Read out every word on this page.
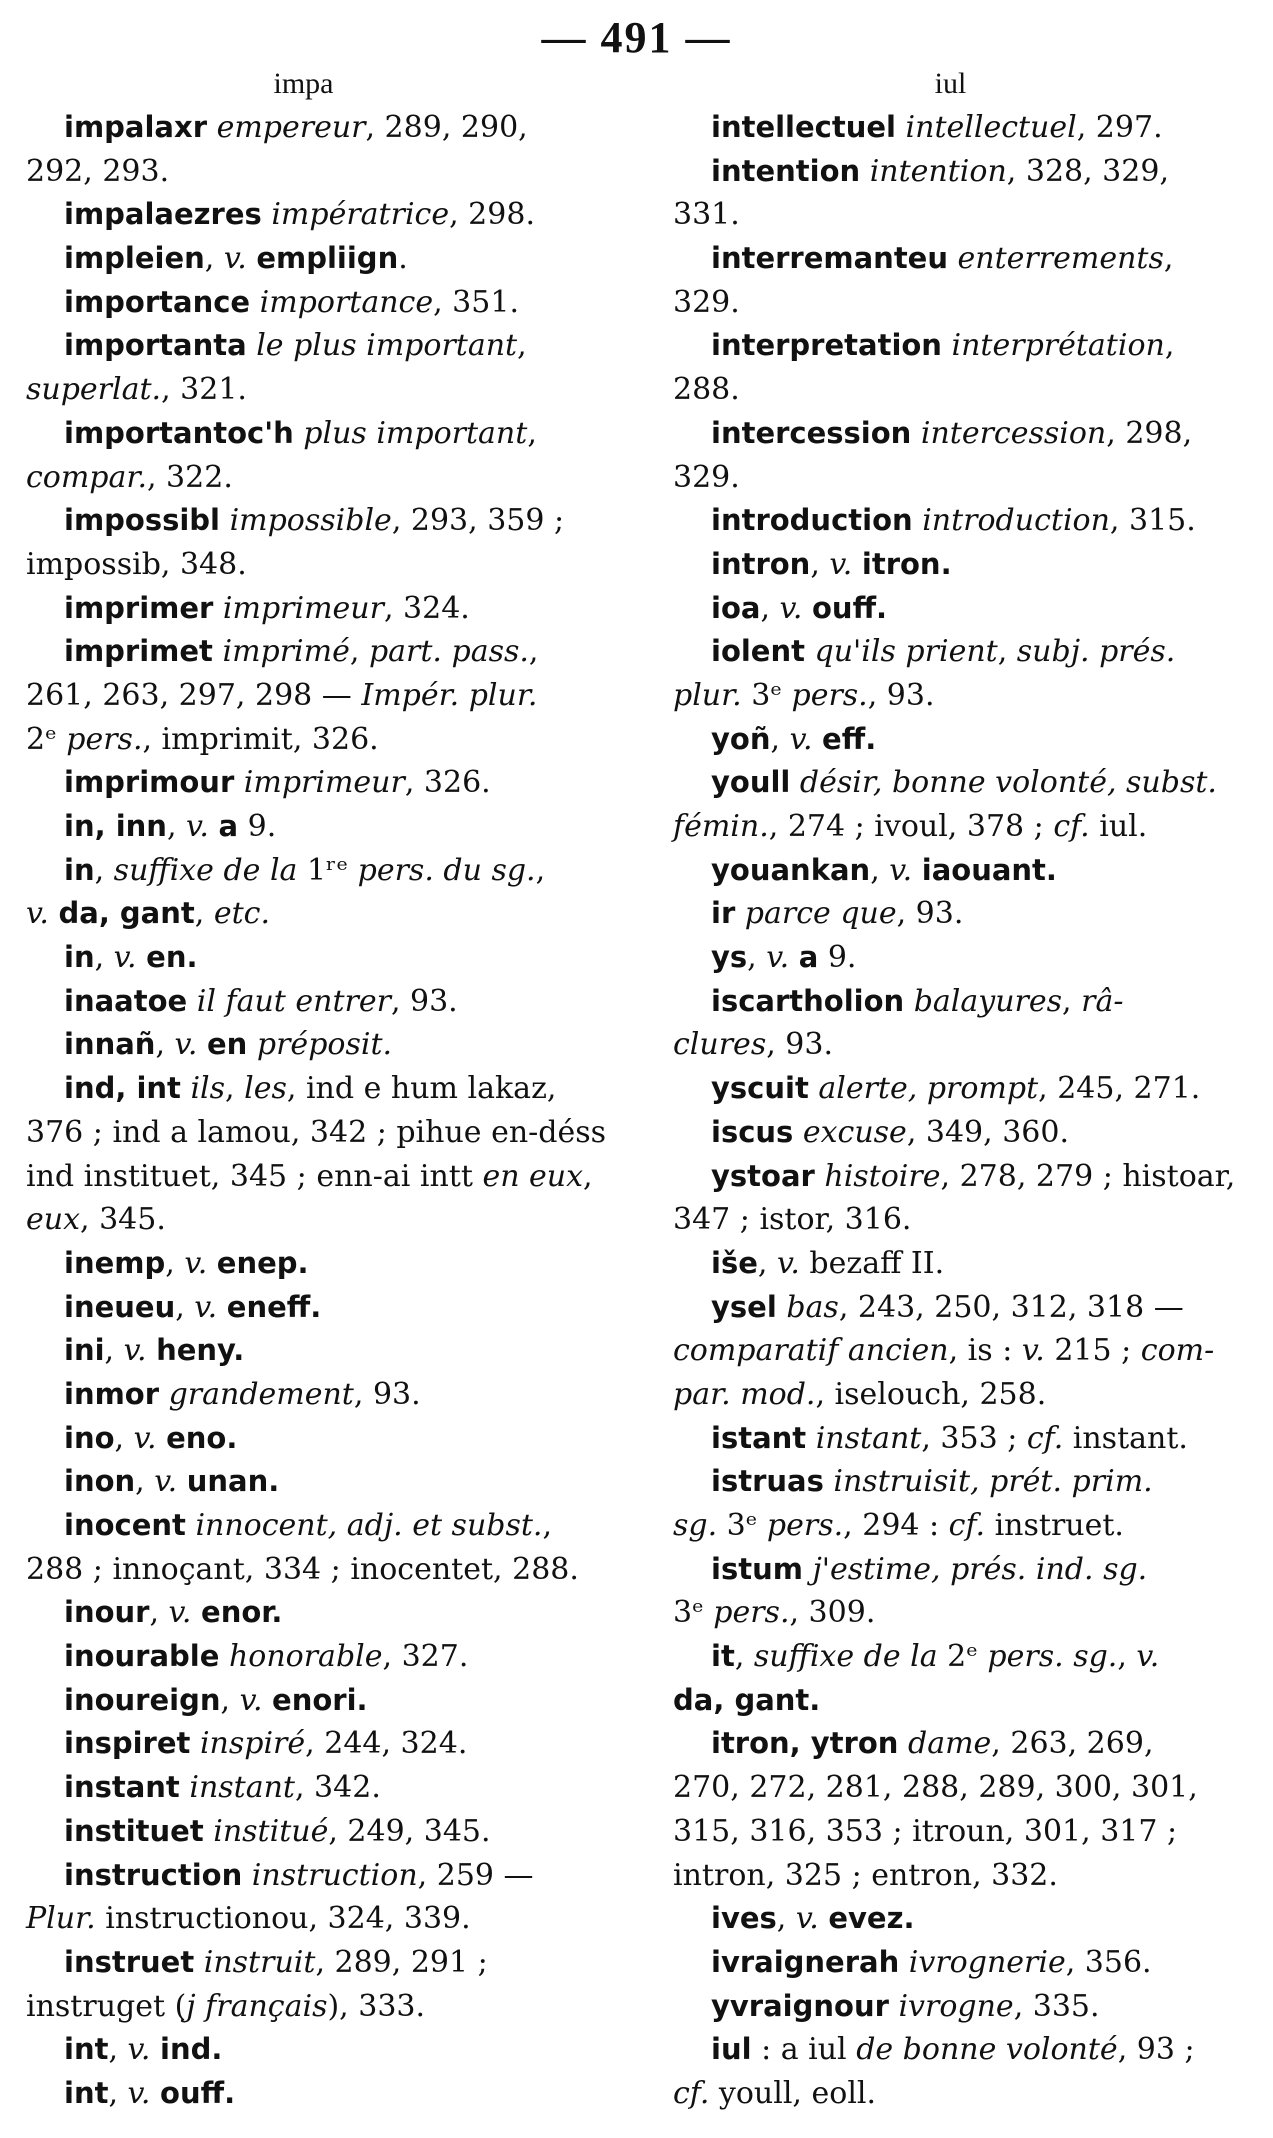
— 491 —
impa
impalaxr empereur, 289, 290,
292, 293.
impalaezres impératrice, 298.
impleien, v. empliign.
importance importance, 351.
importanta le plus important,
superlat., 321.
importantoc'h plus important,
compar., 322.
impossibl impossible, 293, 359 ;
impossib, 348.
imprimer imprimeur, 324.
imprimet imprimé, part. pass.,
261, 263, 297, 298 — Impér. plur.
2ᵉ pers., imprimit, 326.
imprimour imprimeur, 326.
in, inn, v. a 9.
in, suffixe de la 1ʳᵉ pers. du sg.,
v. da, gant, etc.
in, v. en.
inaatoe il faut entrer, 93.
innañ, v. en préposit.
ind, int ils, les, ind e hum lakaz,
376 ; ind a lamou, 342 ; pihue en-déss
ind instituet, 345 ; enn-ai intt en eux,
eux, 345.
inemp, v. enep.
ineueu, v. eneff.
ini, v. heny.
inmor grandement, 93.
ino, v. eno.
inon, v. unan.
inocent innocent, adj. et subst.,
288 ; innoçant, 334 ; inocentet, 288.
inour, v. enor.
inourable honorable, 327.
inoureign, v. enori.
inspiret inspiré, 244, 324.
instant instant, 342.
instituet institué, 249, 345.
instruction instruction, 259 —
Plur. instructionou, 324, 339.
instruet instruit, 289, 291 ;
instruget (j français), 333.
int, v. ind.
int, v. ouff.
iul
intellectuel intellectuel, 297.
intention intention, 328, 329,
331.
interremanteu enterrements,
329.
interpretation interprétation,
288.
intercession intercession, 298,
329.
introduction introduction, 315.
intron, v. itron.
ioa, v. ouff.
iolent qu'ils prient, subj. prés.
plur. 3ᵉ pers., 93.
yoñ, v. eff.
youll désir, bonne volonté, subst.
fémin., 274 ; ivoul, 378 ; cf. iul.
youankan, v. iaouant.
ir parce que, 93.
ys, v. a 9.
iscartholion balayures, râ-
clures, 93.
yscuit alerte, prompt, 245, 271.
iscus excuse, 349, 360.
ystoar histoire, 278, 279 ; histoar,
347 ; istor, 316.
iše, v. bezaff II.
ysel bas, 243, 250, 312, 318 —
comparatif ancien, is : v. 215 ; com-
par. mod., iselouch, 258.
istant instant, 353 ; cf. instant.
istruas instruisit, prét. prim.
sg. 3ᵉ pers., 294 : cf. instruet.
istum j'estime, prés. ind. sg.
3ᵉ pers., 309.
it, suffixe de la 2ᵉ pers. sg., v.
da, gant.
itron, ytron dame, 263, 269,
270, 272, 281, 288, 289, 300, 301,
315, 316, 353 ; itroun, 301, 317 ;
intron, 325 ; entron, 332.
ives, v. evez.
ivraignerah ivrognerie, 356.
yvraignour ivrogne, 335.
iul : a iul de bonne volonté, 93 ;
cf. youll, eoll.
